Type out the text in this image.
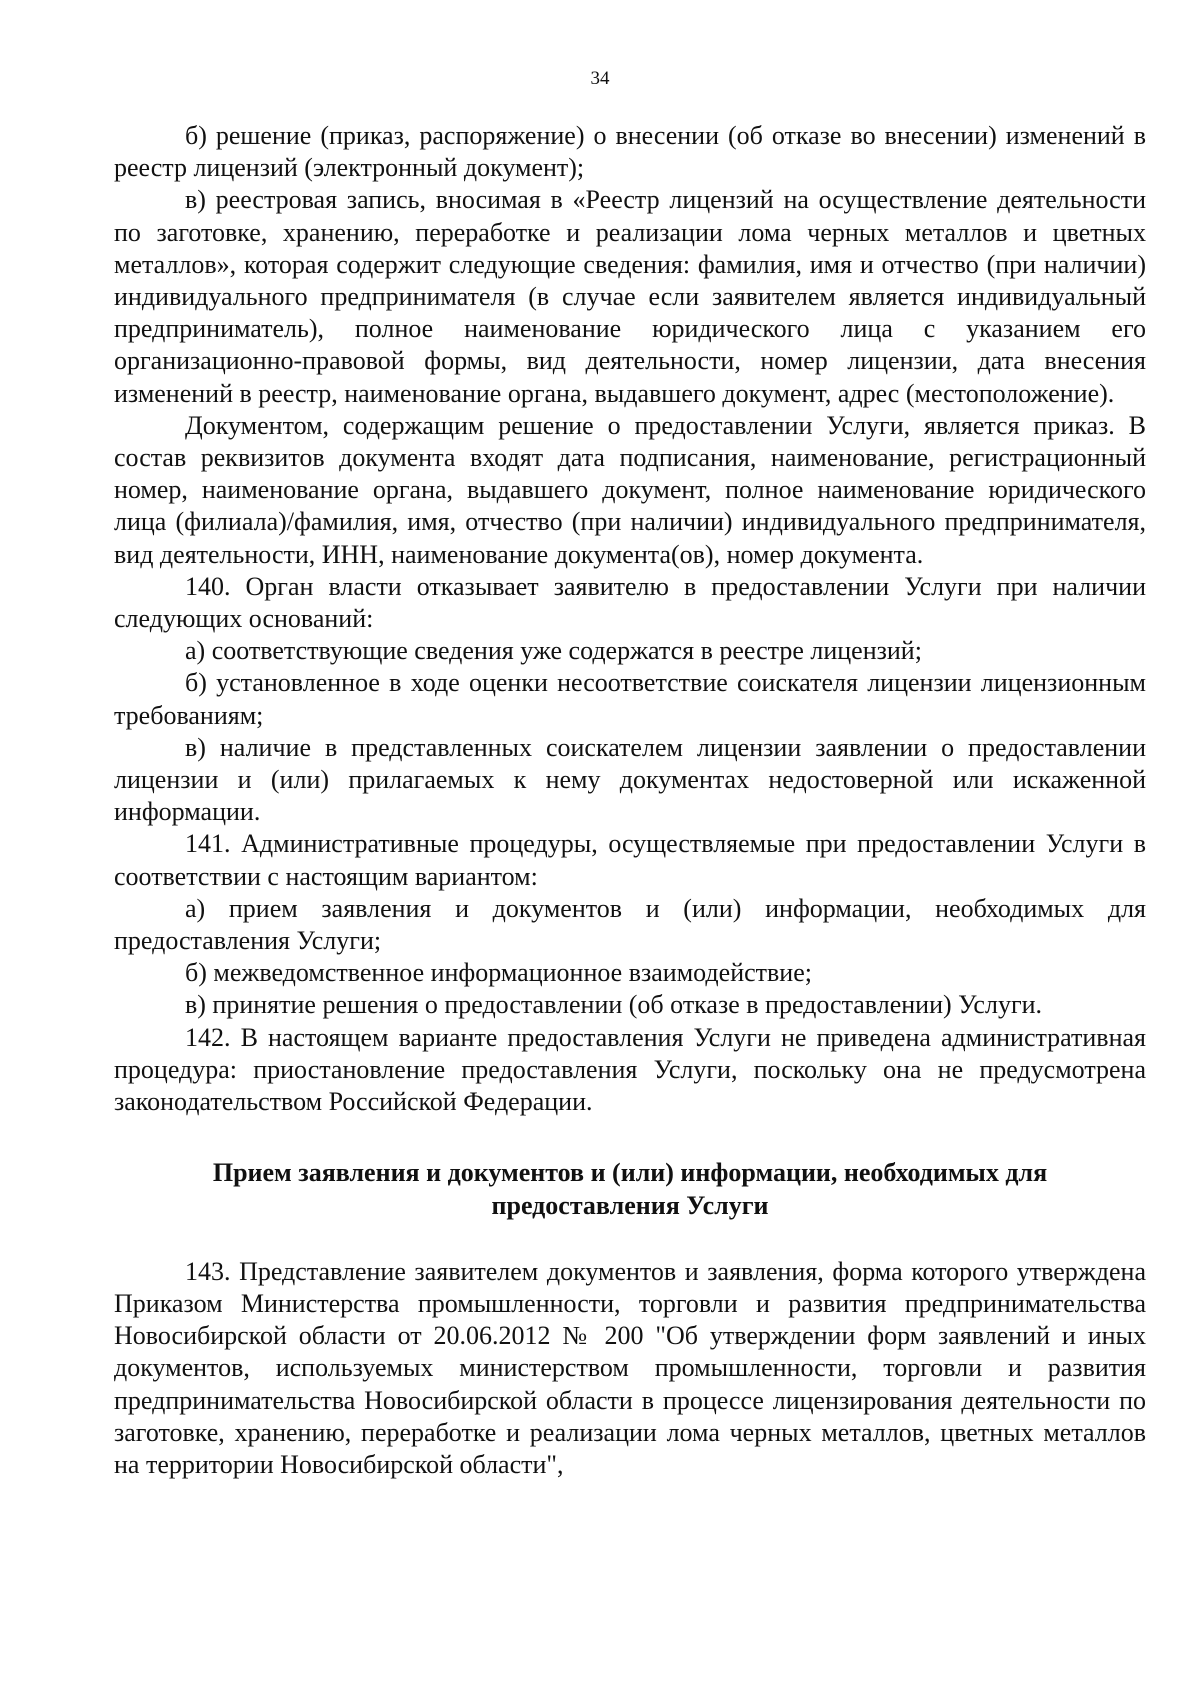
34

б) решение (приказ, распоряжение) о внесении (об отказе во внесении) изменений в реестр лицензий (электронный документ);

в) реестровая запись, вносимая в «Реестр лицензий на осуществление деятельности по заготовке, хранению, переработке и реализации лома черных металлов и цветных металлов», которая содержит следующие сведения: фамилия, имя и отчество (при наличии) индивидуального предпринимателя (в случае если заявителем является индивидуальный предприниматель), полное наименование юридического лица с указанием его организационно-правовой формы, вид деятельности, номер лицензии, дата внесения изменений в реестр, наименование органа, выдавшего документ, адрес (местоположение).

Документом, содержащим решение о предоставлении Услуги, является приказ. В состав реквизитов документа входят дата подписания, наименование, регистрационный номер, наименование органа, выдавшего документ, полное наименование юридического лица (филиала)/фамилия, имя, отчество (при наличии) индивидуального предпринимателя, вид деятельности, ИНН, наименование документа(ов), номер документа.

140. Орган власти отказывает заявителю в предоставлении Услуги при наличии следующих оснований:

а) соответствующие сведения уже содержатся в реестре лицензий;

б) установленное в ходе оценки несоответствие соискателя лицензии лицензионным требованиям;

в) наличие в представленных соискателем лицензии заявлении о предоставлении лицензии и (или) прилагаемых к нему документах недостоверной или искаженной информации.

141. Административные процедуры, осуществляемые при предоставлении Услуги в соответствии с настоящим вариантом:

а) прием заявления и документов и (или) информации, необходимых для предоставления Услуги;

б) межведомственное информационное взаимодействие;

в) принятие решения о предоставлении (об отказе в предоставлении) Услуги.

142. В настоящем варианте предоставления Услуги не приведена административная процедура: приостановление предоставления Услуги, поскольку она не предусмотрена законодательством Российской Федерации.

Прием заявления и документов и (или) информации, необходимых для предоставления Услуги

143. Представление заявителем документов и заявления, форма которого утверждена Приказом Министерства промышленности, торговли и развития предпринимательства Новосибирской области от 20.06.2012 № 200 "Об утверждении форм заявлений и иных документов, используемых министерством промышленности, торговли и развития предпринимательства Новосибирской области в процессе лицензирования деятельности по заготовке, хранению, переработке и реализации лома черных металлов, цветных металлов на территории Новосибирской области",
